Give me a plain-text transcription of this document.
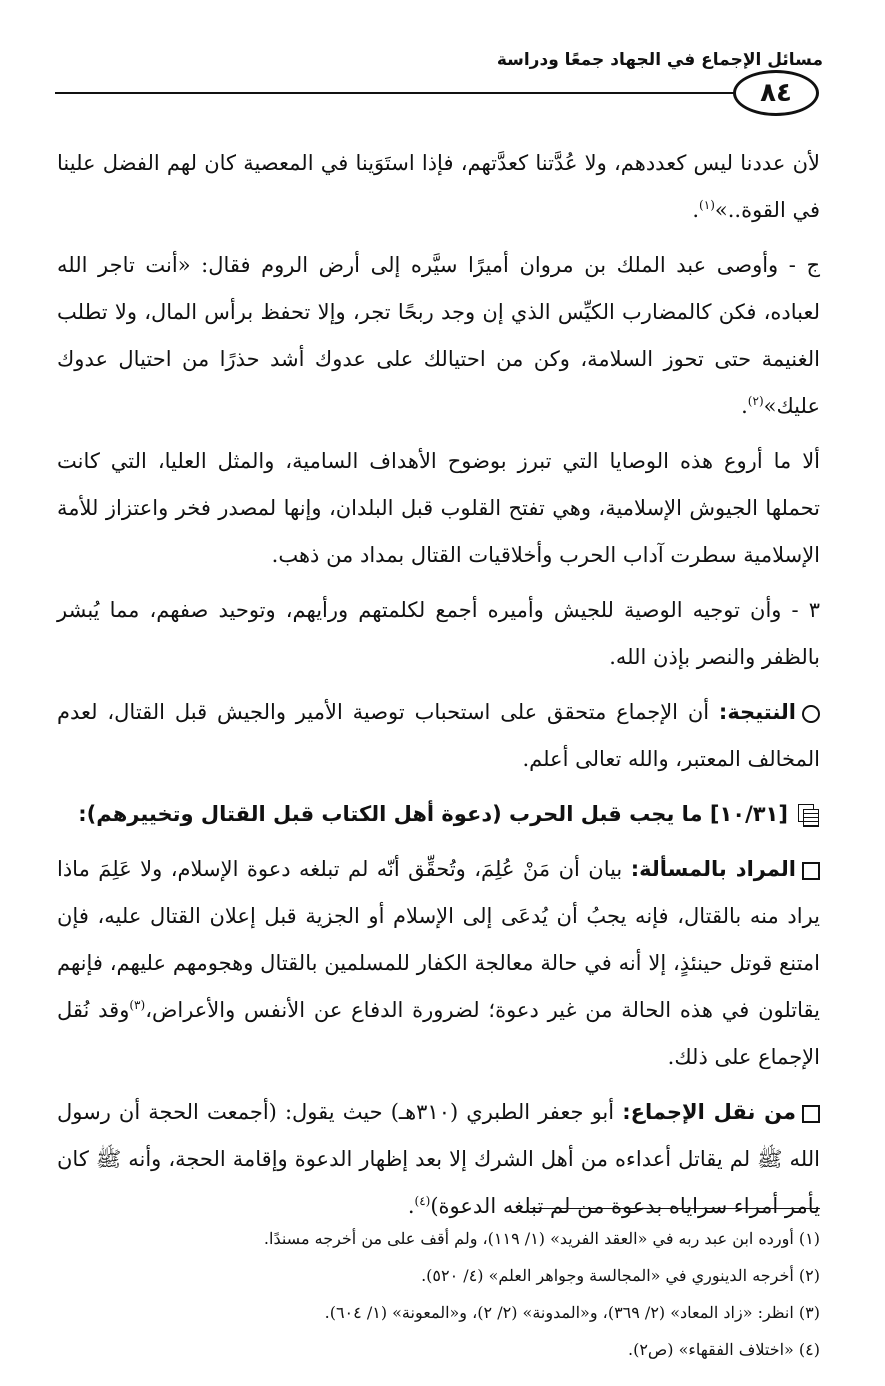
مسائل الإجماع في الجهاد جمعًا ودراسة
٨٤

لأن عددنا ليس كعددهم، ولا عُدَّتنا كعدَّتهم، فإذا استَوَينا في المعصية كان لهم الفضل علينا في القوة..»$^{(١)}$.

ج - وأوصى عبد الملك بن مروان أميرًا سيَّره إلى أرض الروم فقال: «أنت تاجر الله لعباده، فكن كالمضارب الكيِّس الذي إن وجد ربحًا تجر، وإلا تحفظ برأس المال، ولا تطلب الغنيمة حتى تحوز السلامة، وكن من احتيالك على عدوك أشد حذرًا من احتيال عدوك عليك»$^{(٢)}$.

ألا ما أروع هذه الوصايا التي تبرز بوضوح الأهداف السامية، والمثل العليا، التي كانت تحملها الجيوش الإسلامية، وهي تفتح القلوب قبل البلدان، وإنها لمصدر فخر واعتزاز للأمة الإسلامية سطرت آداب الحرب وأخلاقيات القتال بمداد من ذهب.

٣ - وأن توجيه الوصية للجيش وأميره أجمع لكلمتهم ورأيهم، وتوحيد صفهم، مما يُبشر بالظفر والنصر بإذن الله.

النتيجة: أن الإجماع متحقق على استحباب توصية الأمير والجيش قبل القتال، لعدم المخالف المعتبر، والله تعالى أعلم.

[١٠/٣١] ما يجب قبل الحرب (دعوة أهل الكتاب قبل القتال وتخييرهم):

المراد بالمسألة: بيان أن مَنْ عُلِمَ، وتُحقِّق أنّه لم تبلغه دعوة الإسلام، ولا عَلِمَ ماذا يراد منه بالقتال، فإنه يجبُ أن يُدعَى إلى الإسلام أو الجزية قبل إعلان القتال عليه، فإن امتنع قوتل حينئذٍ، إلا أنه في حالة معالجة الكفار للمسلمين بالقتال وهجومهم عليهم، فإنهم يقاتلون في هذه الحالة من غير دعوة؛ لضرورة الدفاع عن الأنفس والأعراض،$^{(٣)}$وقد نُقل الإجماع على ذلك.

من نقل الإجماع: أبو جعفر الطبري (٣١٠هـ) حيث يقول: (أجمعت الحجة أن رسول الله ﷺ لم يقاتل أعداءه من أهل الشرك إلا بعد إظهار الدعوة وإقامة الحجة، وأنه ﷺ كان يأمر أمراء سراياه بدعوة من لم تبلغه الدعوة)$^{(٤)}$.

(١) أورده ابن عبد ربه في «العقد الفريد» (١/ ١١٩)، ولم أقف على من أخرجه مسندًا.
(٢) أخرجه الدينوري في «المجالسة وجواهر العلم» (٤/ ٥٢٠).
(٣) انظر: «زاد المعاد» (٢/ ٣٦٩)، و«المدونة» (٢/ ٢)، و«المعونة» (١/ ٦٠٤).
(٤) «اختلاف الفقهاء» (ص٢).
